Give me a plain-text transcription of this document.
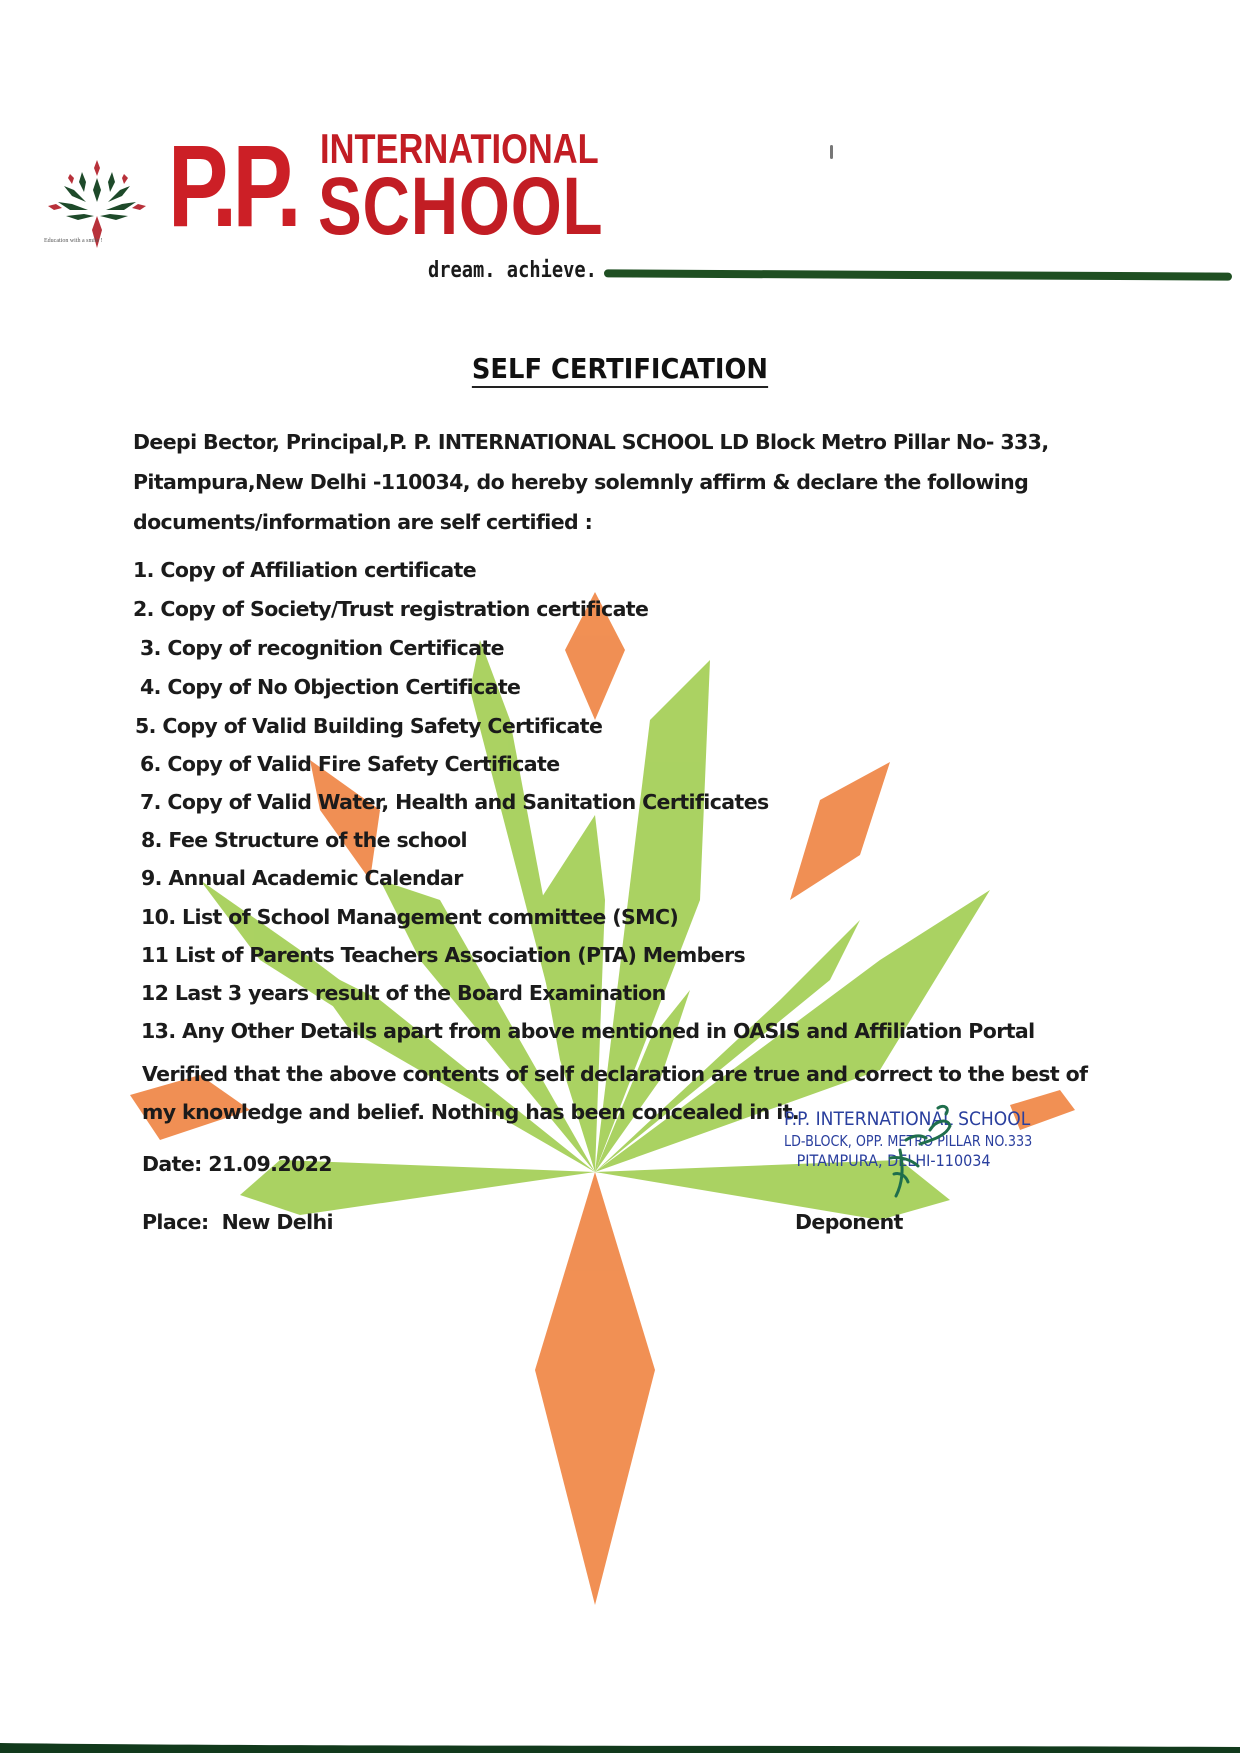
Education with a smile ! P.P. INTERNATIONAL
SCHOOL
dream. achieve.
SELF CERTIFICATION
Deepi Bector, Principal,P. P. INTERNATIONAL SCHOOL LD Block Metro Pillar No- 333,
Pitampura,New Delhi -110034, do hereby solemnly affirm & declare the following
documents/information are self certified :
1. Copy of Affiliation certificate
2. Copy of Society/Trust registration certificate
3. Copy of recognition Certificate
4. Copy of No Objection Certificate
5. Copy of Valid Building Safety Certificate
6. Copy of Valid Fire Safety Certificate
7. Copy of Valid Water, Health and Sanitation Certificates
8. Fee Structure of the school
9. Annual Academic Calendar
10. List of School Management committee (SMC)
11 List of Parents Teachers Association (PTA) Members
12 Last 3 years result of the Board Examination
13. Any Other Details apart from above mentioned in OASIS and Affiliation Portal
Verified that the above contents of self declaration are true and correct to the best of
my knowledge and belief. Nothing has been concealed in it.
Date: 21.09.2022
Place:  New Delhi	Deponent
P.P. INTERNATIONAL SCHOOL
LD-BLOCK, OPP. METRO PILLAR NO.333
PITAMPURA, DELHI-110034
